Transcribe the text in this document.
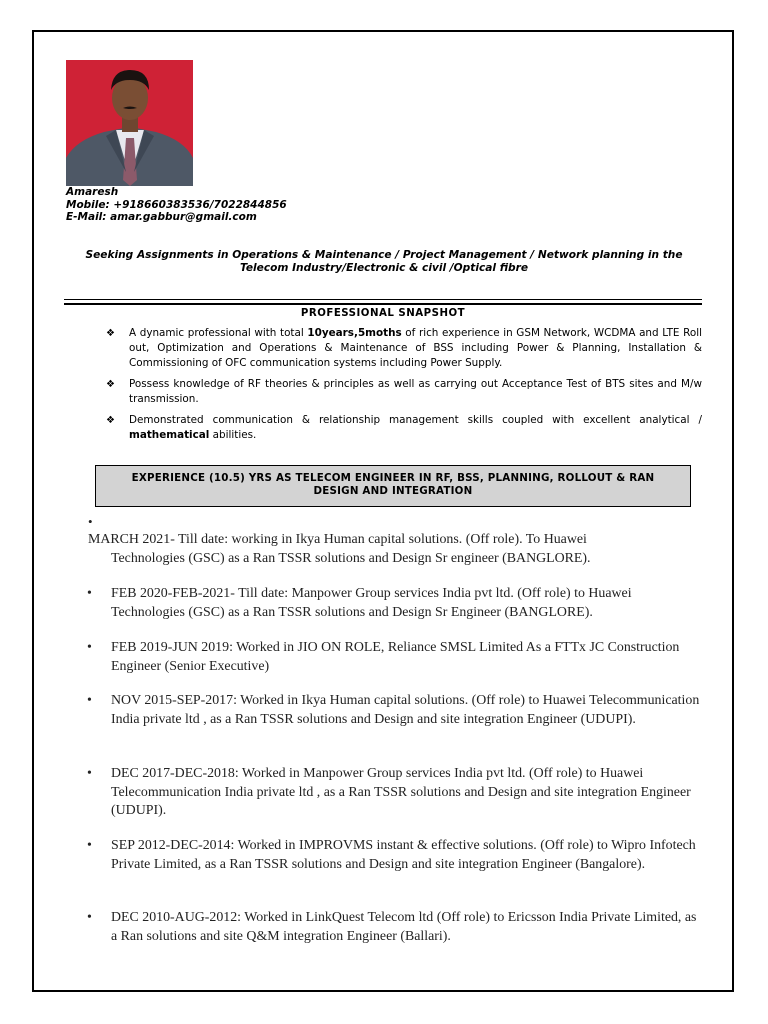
Amaresh
Mobile: +918660383536/7022844856
E-Mail: amar.gabbur@gmail.com
Seeking Assignments in Operations & Maintenance / Project Management / Network planning in the Telecom Industry/Electronic & civil /Optical fibre
PROFESSIONAL SNAPSHOT
❖ A dynamic professional with total 10years,5moths of rich experience in GSM Network, WCDMA and LTE Roll out, Optimization and Operations & Maintenance of BSS including Power & Planning, Installation & Commissioning of OFC communication systems including Power Supply.
❖ Possess knowledge of RF theories & principles as well as carrying out Acceptance Test of BTS sites and M/w transmission.
❖ Demonstrated communication & relationship management skills coupled with excellent analytical / mathematical abilities.
EXPERIENCE (10.5) YRS AS TELECOM ENGINEER IN RF, BSS, PLANNING, ROLLOUT & RAN
DESIGN AND INTEGRATION
•
MARCH 2021- Till date: working in Ikya Human capital solutions. (Off role). To Huawei
Technologies (GSC) as a Ran TSSR solutions and Design Sr engineer (BANGLORE).
• FEB 2020-FEB-2021- Till date: Manpower Group services India pvt ltd. (Off role) to Huawei Technologies (GSC) as a Ran TSSR solutions and Design Sr Engineer (BANGLORE).
• FEB 2019-JUN 2019: Worked in JIO ON ROLE, Reliance SMSL Limited As a FTTx JC Construction Engineer (Senior Executive)
• NOV 2015-SEP-2017: Worked in Ikya Human capital solutions. (Off role) to Huawei Telecommunication India private ltd , as a Ran TSSR solutions and Design and site integration Engineer (UDUPI).
• DEC 2017-DEC-2018: Worked in Manpower Group services India pvt ltd. (Off role) to Huawei Telecommunication India private ltd , as a Ran TSSR solutions and Design and site integration Engineer (UDUPI).
• SEP 2012-DEC-2014: Worked in IMPROVMS instant & effective solutions. (Off role) to Wipro Infotech Private Limited, as a Ran TSSR solutions and Design and site integration Engineer (Bangalore).
• DEC 2010-AUG-2012: Worked in LinkQuest Telecom ltd (Off role) to Ericsson India Private Limited, as a Ran solutions and site Q&M integration Engineer (Ballari).
